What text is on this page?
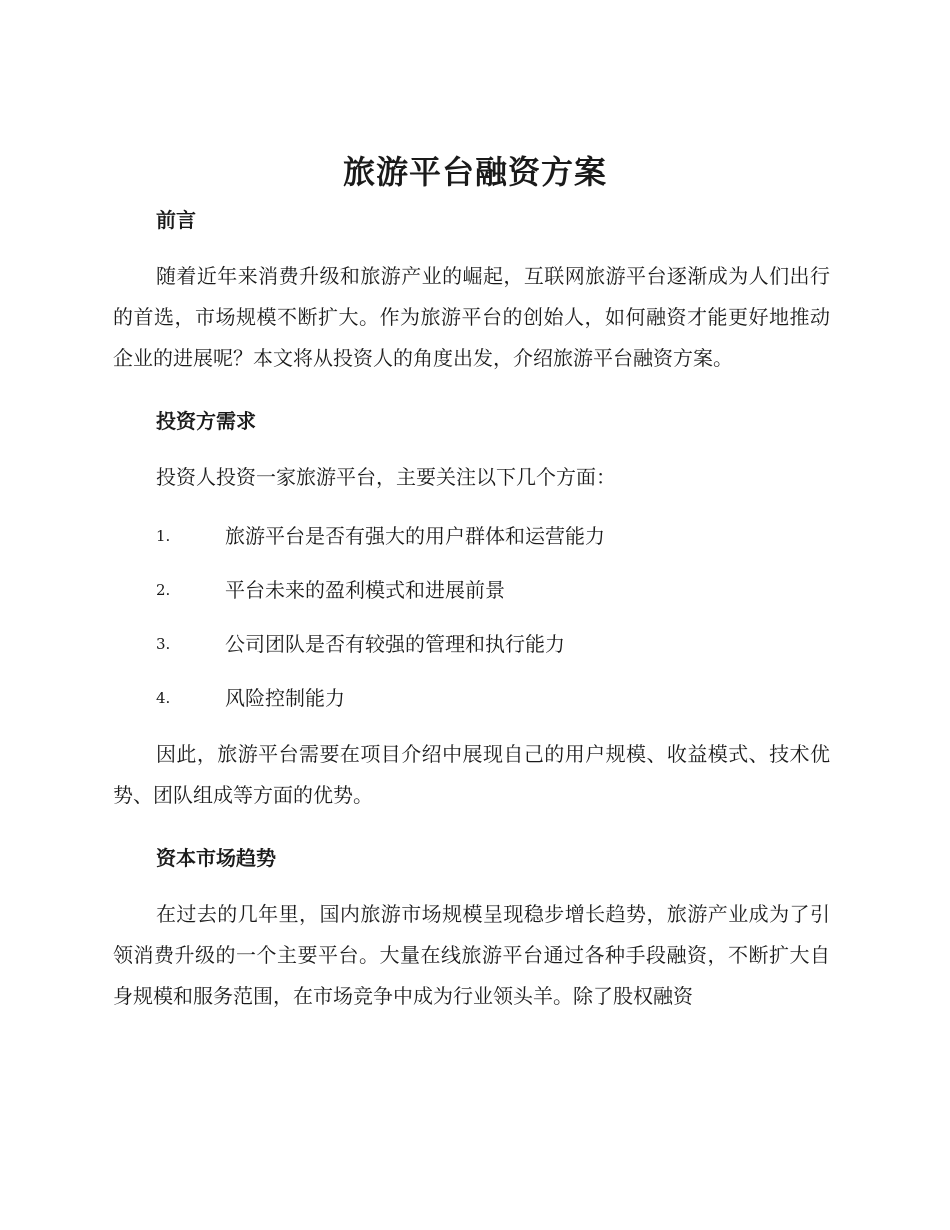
旅游平台融资方案
前言

随着近年来消费升级和旅游产业的崛起，互联网旅游平台逐渐成为人们出行的首选，市场规模不断扩大。作为旅游平台的创始人，如何融资才能更好地推动企业的进展呢？本文将从投资人的角度出发，介绍旅游平台融资方案。

投资方需求

投资人投资一家旅游平台，主要关注以下几个方面：

1.	旅游平台是否有强大的用户群体和运营能力
2.	平台未来的盈利模式和进展前景
3.	公司团队是否有较强的管理和执行能力
4.	风险控制能力

因此，旅游平台需要在项目介绍中展现自己的用户规模、收益模式、技术优势、团队组成等方面的优势。

资本市场趋势

在过去的几年里，国内旅游市场规模呈现稳步增长趋势，旅游产业成为了引领消费升级的一个主要平台。大量在线旅游平台通过各种手段融资，不断扩大自身规模和服务范围，在市场竞争中成为行业领头羊。除了股权融资
